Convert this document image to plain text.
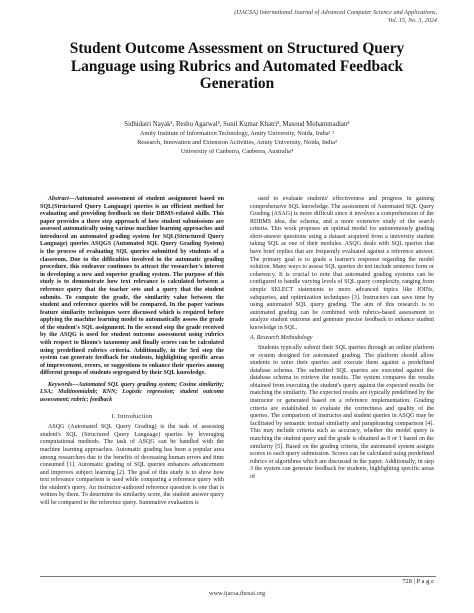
(IJACSA) International Journal of Advanced Computer Science and Applications,
Vol. 15, No. 3, 2024
Student Outcome Assessment on Structured Query Language using Rubrics and Automated Feedback Generation
Sidhidatri Nayak¹, Reshu Agarwal², Sunil Kumar Khatri³, Masoud Mohammadian⁴
Amity Institute of Information Technology, Amity University, Noida, India¹ ²
Research, Innovation and Extension Activities, Amity University, Noida, India³
University of Canberra, Canberra, Australia⁴

Abstract—Automated assessment of student assignment based on SQL(Structured Query Language) queries is an efficient method for evaluating and providing feedback on their DBMS-related skills. This paper provides a three step approach of how student submissions are assessed automatically using various machine learning approaches and introduced an automated grading system for SQL(Structured Query Language) queries ASQGS (Automated SQL Query Grading System) is the process of evaluating SQL queries submitted by students of a classroom. Due to the difficulties involved in the automatic grading procedure, this endeavor continues to attract the researcher's interest in developing a new and superior grading system. The purpose of this study is to demonstrate how text relevance is calculated between a reference query that the teacher sets and a query that the student submits. To compute the grade, the similarity value between the student and reference queries will be compared. In the paper various feature similarity techniques were discussed which is required before applying the machine learning model to automatically assess the grade of the student's SQL assignment. In the second step the grade received by the ASQG is used for student outcome assessment using rubrics with respect to Bloom's taxonomy and finally scores can be calculated using predefined rubrics criteria. Additionally, in the 3rd step the system can generate feedback for students, highlighting specific areas of improvement, errors, or suggestions to enhance their queries among different groups of students segregated by their SQL knowledge.

Keywords—Automated SQL query grading system; Cosine similarity; LSA; Multinomialnb; KNN; Logistic regression; student outcome assessment; rubric; feedback

I. Introduction

ASQG (Automated SQL Query Grading) is the task of assessing student's SQL (Structured Query Language) queries by leveraging computational methods. The task of ASQG can be handled with the machine learning approaches. Automatic grading has been a popular area among researchers due to the benefits of decreasing human errors and time consumed [1]. Automatic grading of SQL queries enhances advancement and improves subject learning [2]. The goal of this study is to show how text relevance comparison is used while comparing a reference query with the student's query. An instructor-authored reference question is one that is written by them. To determine its similarity score, the student answer query will be compared to the reference query. Summative evaluation is

used to evaluate students' effectiveness and progress in gaining comprehensive SQL knowledge. The assessment of Automated SQL Query Grading (ASAG) is more difficult since it involves a comprehension of the RDBMS idea, the schema, and a more extensive study of the search criteria. This work proposes an optimal model for autonomously grading short-answer questions using a dataset acquired from a university student taking SQL as one of their modules. ASQG deals with SQL queries that have brief replies that are frequently evaluated against a reference answer. The primary goal is to grade a learner's response regarding the model solution. Many ways to assess SQL queries do not include sentence form or coherency. It is crucial to note that automated grading systems can be configured to handle varying levels of SQL query complexity, ranging from simple SELECT statements to more advanced topics like JOINs, subqueries, and optimization techniques [3]. Instructors can save time by using automated SQL query grading. The aim of this research is to automated grading can be combined with rubrics-based assessment to analyze student outcome and generate precise feedback to enhance student knowledge in SQL.

A. Research Methodology

Students typically submit their SQL queries through an online platform or system designed for automated grading. The platform should allow students to enter their queries and execute them against a predefined database schema. The submitted SQL queries are executed against the database schema to retrieve the results. The system compares the results obtained from executing the student's query against the expected results for matching the similarity. The expected results are typically predefined by the instructor or generated based on a reference implementation. Grading criteria are established to evaluate the correctness and quality of the queries. The comparison of instructor and student queries in ASQG may be facilitated by semantic textual similarity and paraphrasing comparison [4]. This may include criteria such as accuracy, whether the model query is matching the student query and the grade is obtained as 0 or 1 based on the similarity [5]. Based on the grading criteria, the automated system assigns scores to each query submission. Scores can be calculated using predefined rubrics or algorithms which are discussed in the paper. Additionally, in step 3 the system can generate feedback for students, highlighting specific areas of

728 | P a g e
www.ijacsa.thesai.org
